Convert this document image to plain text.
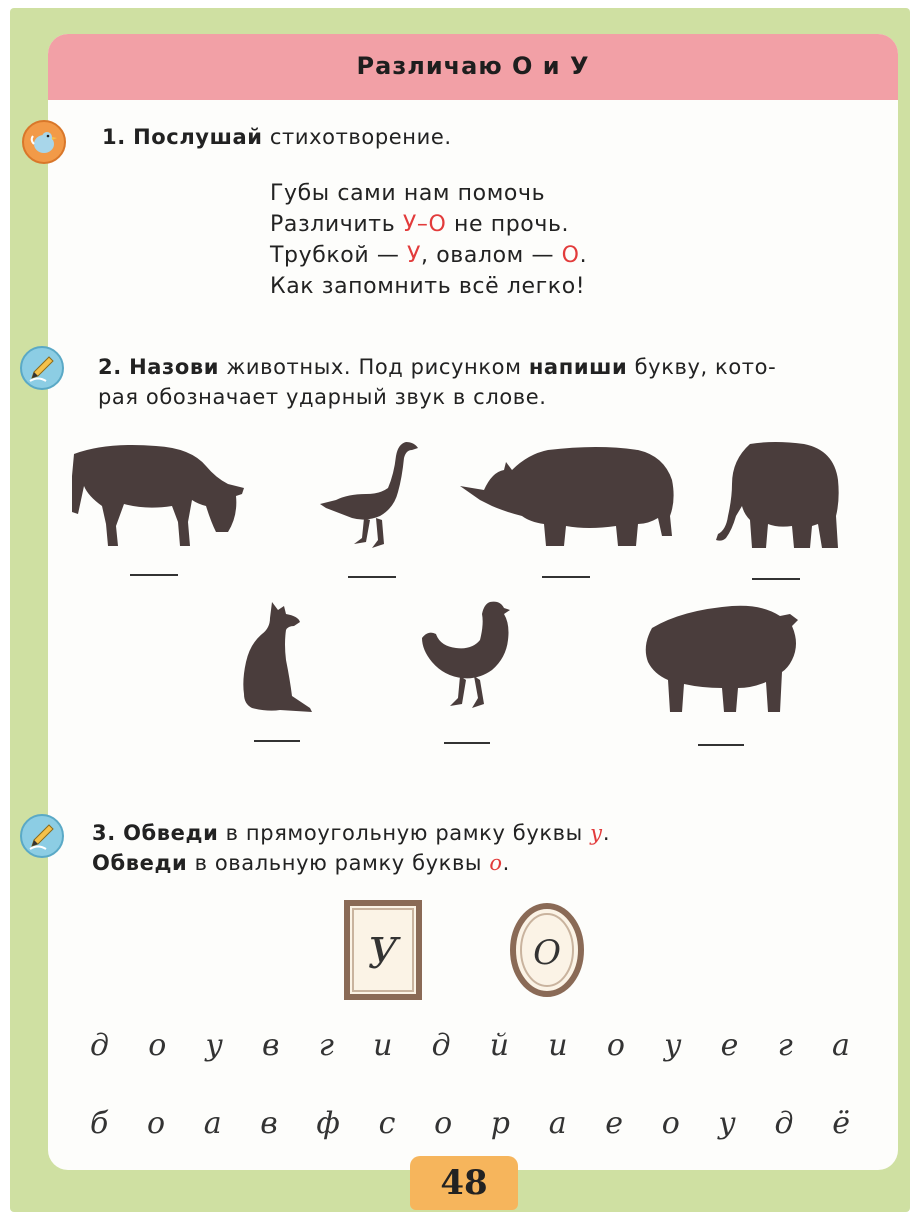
Различаю О и У
1. Послушай стихотворение.
Губы сами нам помочь
Различить У–О не прочь.
Трубкой — У, овалом — О.
Как запомнить всё легко!
2. Назови животных. Под рисунком напиши букву, кото-
рая обозначает ударный звук в слове.
3. Обведи в прямоугольную рамку буквы у.
Обведи в овальную рамку буквы о.
У	О
д о у в г и д й и о у е г а
б о а в ф с о р а е о у д ё
48
